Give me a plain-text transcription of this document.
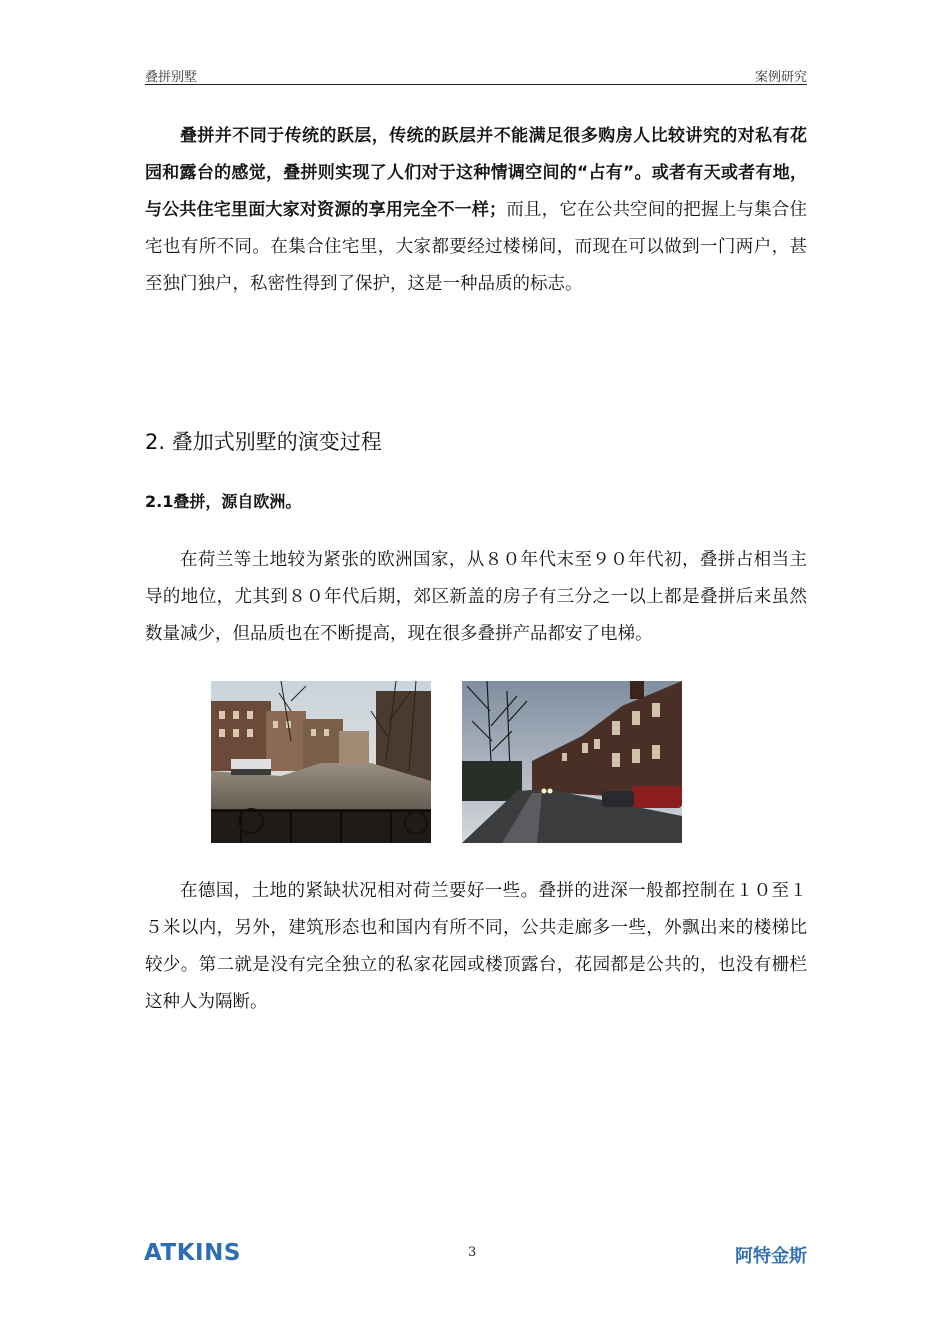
叠拼别墅	案例研究

叠拼并不同于传统的跃层，传统的跃层并不能满足很多购房人比较讲究的对私有花园和露台的感觉，叠拼则实现了人们对于这种情调空间的“占有”。或者有天或者有地，与公共住宅里面大家对资源的享用完全不一样；而且，它在公共空间的把握上与集合住宅也有所不同。在集合住宅里，大家都要经过楼梯间，而现在可以做到一门两户，甚至独门独户，私密性得到了保护，这是一种品质的标志。

2. 叠加式别墅的演变过程
2.1叠拼，源自欧洲。

在荷兰等土地较为紧张的欧洲国家，从８０年代末至９０年代初，叠拼占相当主导的地位，尤其到８０年代后期，郊区新盖的房子有三分之一以上都是叠拼后来虽然数量减少，但品质也在不断提高，现在很多叠拼产品都安了电梯。

在德国，土地的紧缺状况相对荷兰要好一些。叠拼的进深一般都控制在１０至１５米以内，另外，建筑形态也和国内有所不同，公共走廊多一些，外飘出来的楼梯比较少。第二就是没有完全独立的私家花园或楼顶露台，花园都是公共的，也没有栅栏这种人为隔断。

ATKINS	3	阿特金斯
